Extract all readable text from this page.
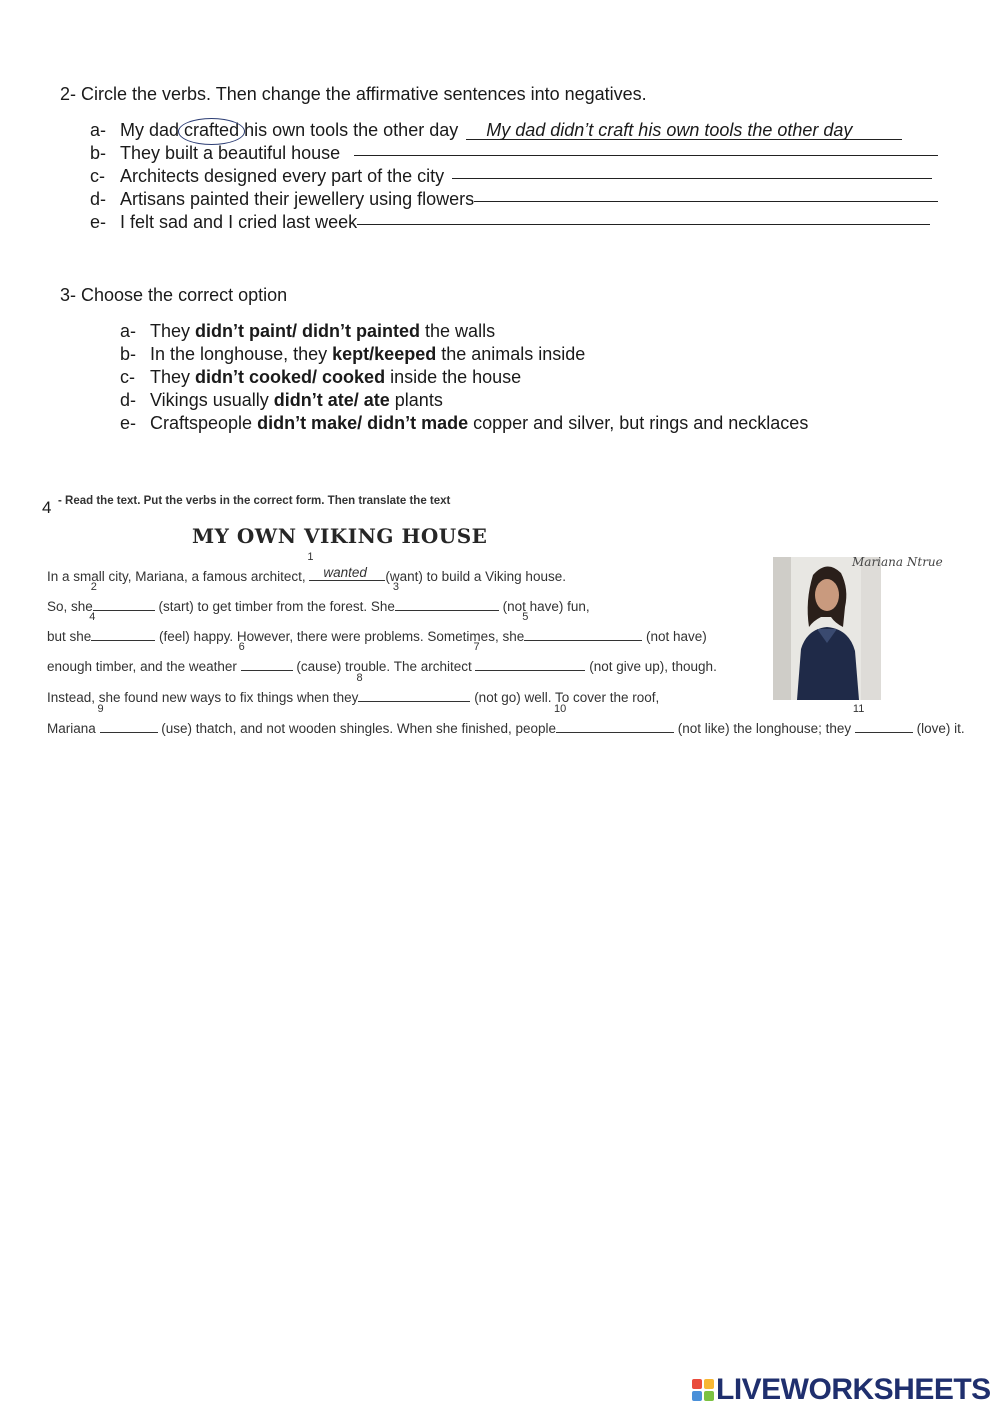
2- Circle the verbs. Then change the affirmative sentences into negatives.
a- My dad
crafted
his own tools the other day	My dad didn’t craft his own tools the other day
b- They built a beautiful house
c- Architects designed every part of the city
d- Artisans painted their jewellery using flowers
e- I felt sad and I cried last week
3- Choose the correct option
a- They
didn’t paint/ didn’t painted
the walls
b- In the longhouse, they
kept/keeped
the animals inside
c- They
didn’t cooked/ cooked
inside the house
d- Vikings usually
didn’t ate/ ate
plants
e- Craftspeople
didn’t make/ didn’t made
copper and silver, but rings and necklaces
4 - Read the text. Put the verbs in the correct form. Then translate the text
MY OWN VIKING HOUSE
Mariana Ntrue
In a small city, Mariana, a famous architect,
1
wanted (want) to build a Viking house.
So, she
2
(start) to get timber from the forest. She
3
(not have) fun,
but she
4
(feel) happy. However, there were problems. Sometimes, she
5
(not have)
enough timber, and the weather
6
(cause) trouble. The architect
7
(not give up), though.
Instead, she found new ways to fix things when they
8
(not go) well. To cover the roof,
Mariana
9
(use) thatch, and not wooden shingles. When she finished, people
10
(not like) the longhouse; they
11
(love) it.
LIVEWORKSHEETS
